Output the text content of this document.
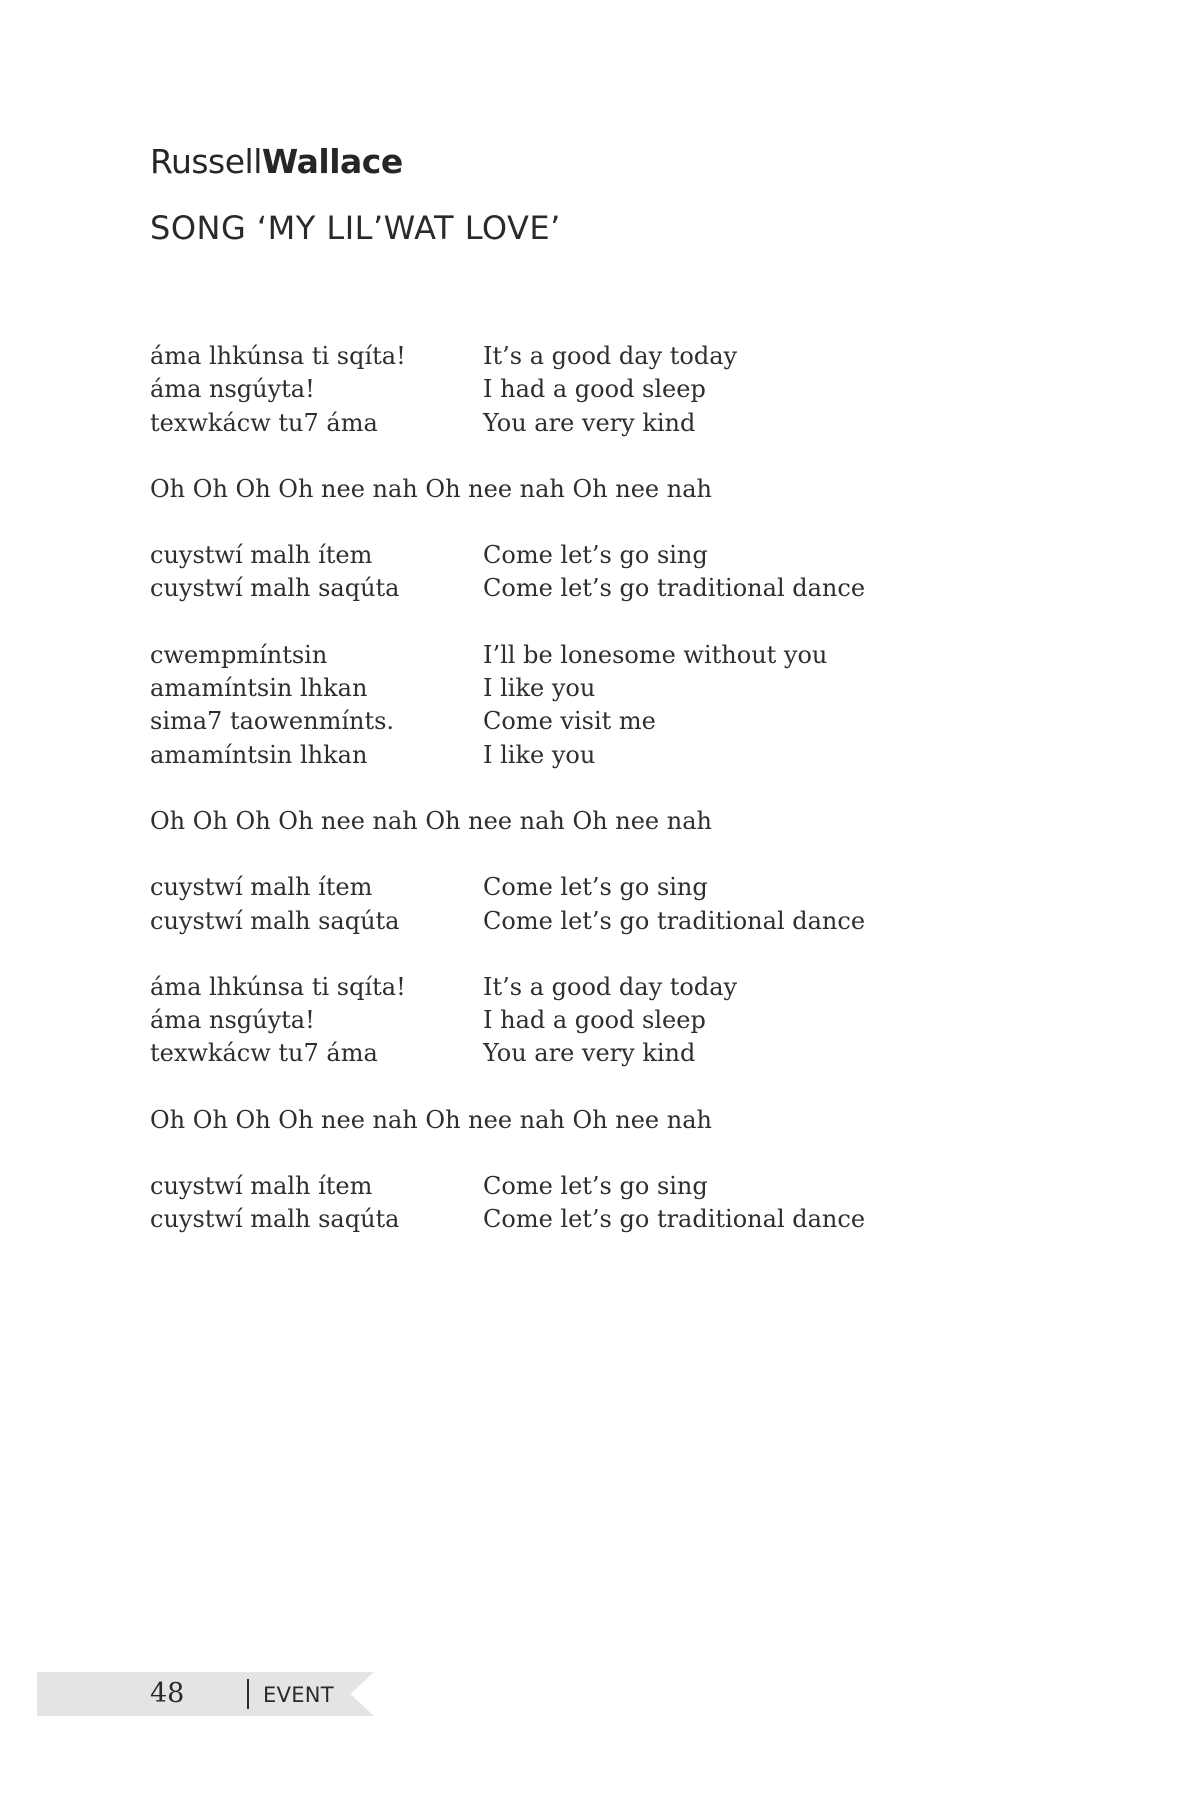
RussellWallace
SONG ‘MY LIL’WAT LOVE’
áma lhkúnsa ti sqíta!	It’s a good day today
áma nsgúyta!	I had a good sleep
texwkácw tu7 áma	You are very kind
Oh Oh Oh Oh nee nah Oh nee nah Oh nee nah
cuystwí malh ítem	Come let’s go sing
cuystwí malh saqúta	Come let’s go traditional dance
cwempmíntsin	I’ll be lonesome without you
amamíntsin lhkan	I like you
sima7 taowenmínts.	Come visit me
amamíntsin lhkan	I like you
Oh Oh Oh Oh nee nah Oh nee nah Oh nee nah
cuystwí malh ítem	Come let’s go sing
cuystwí malh saqúta	Come let’s go traditional dance
áma lhkúnsa ti sqíta!	It’s a good day today
áma nsgúyta!	I had a good sleep
texwkácw tu7 áma	You are very kind
Oh Oh Oh Oh nee nah Oh nee nah Oh nee nah
cuystwí malh ítem	Come let’s go sing
cuystwí malh saqúta	Come let’s go traditional dance
48	EVENT
